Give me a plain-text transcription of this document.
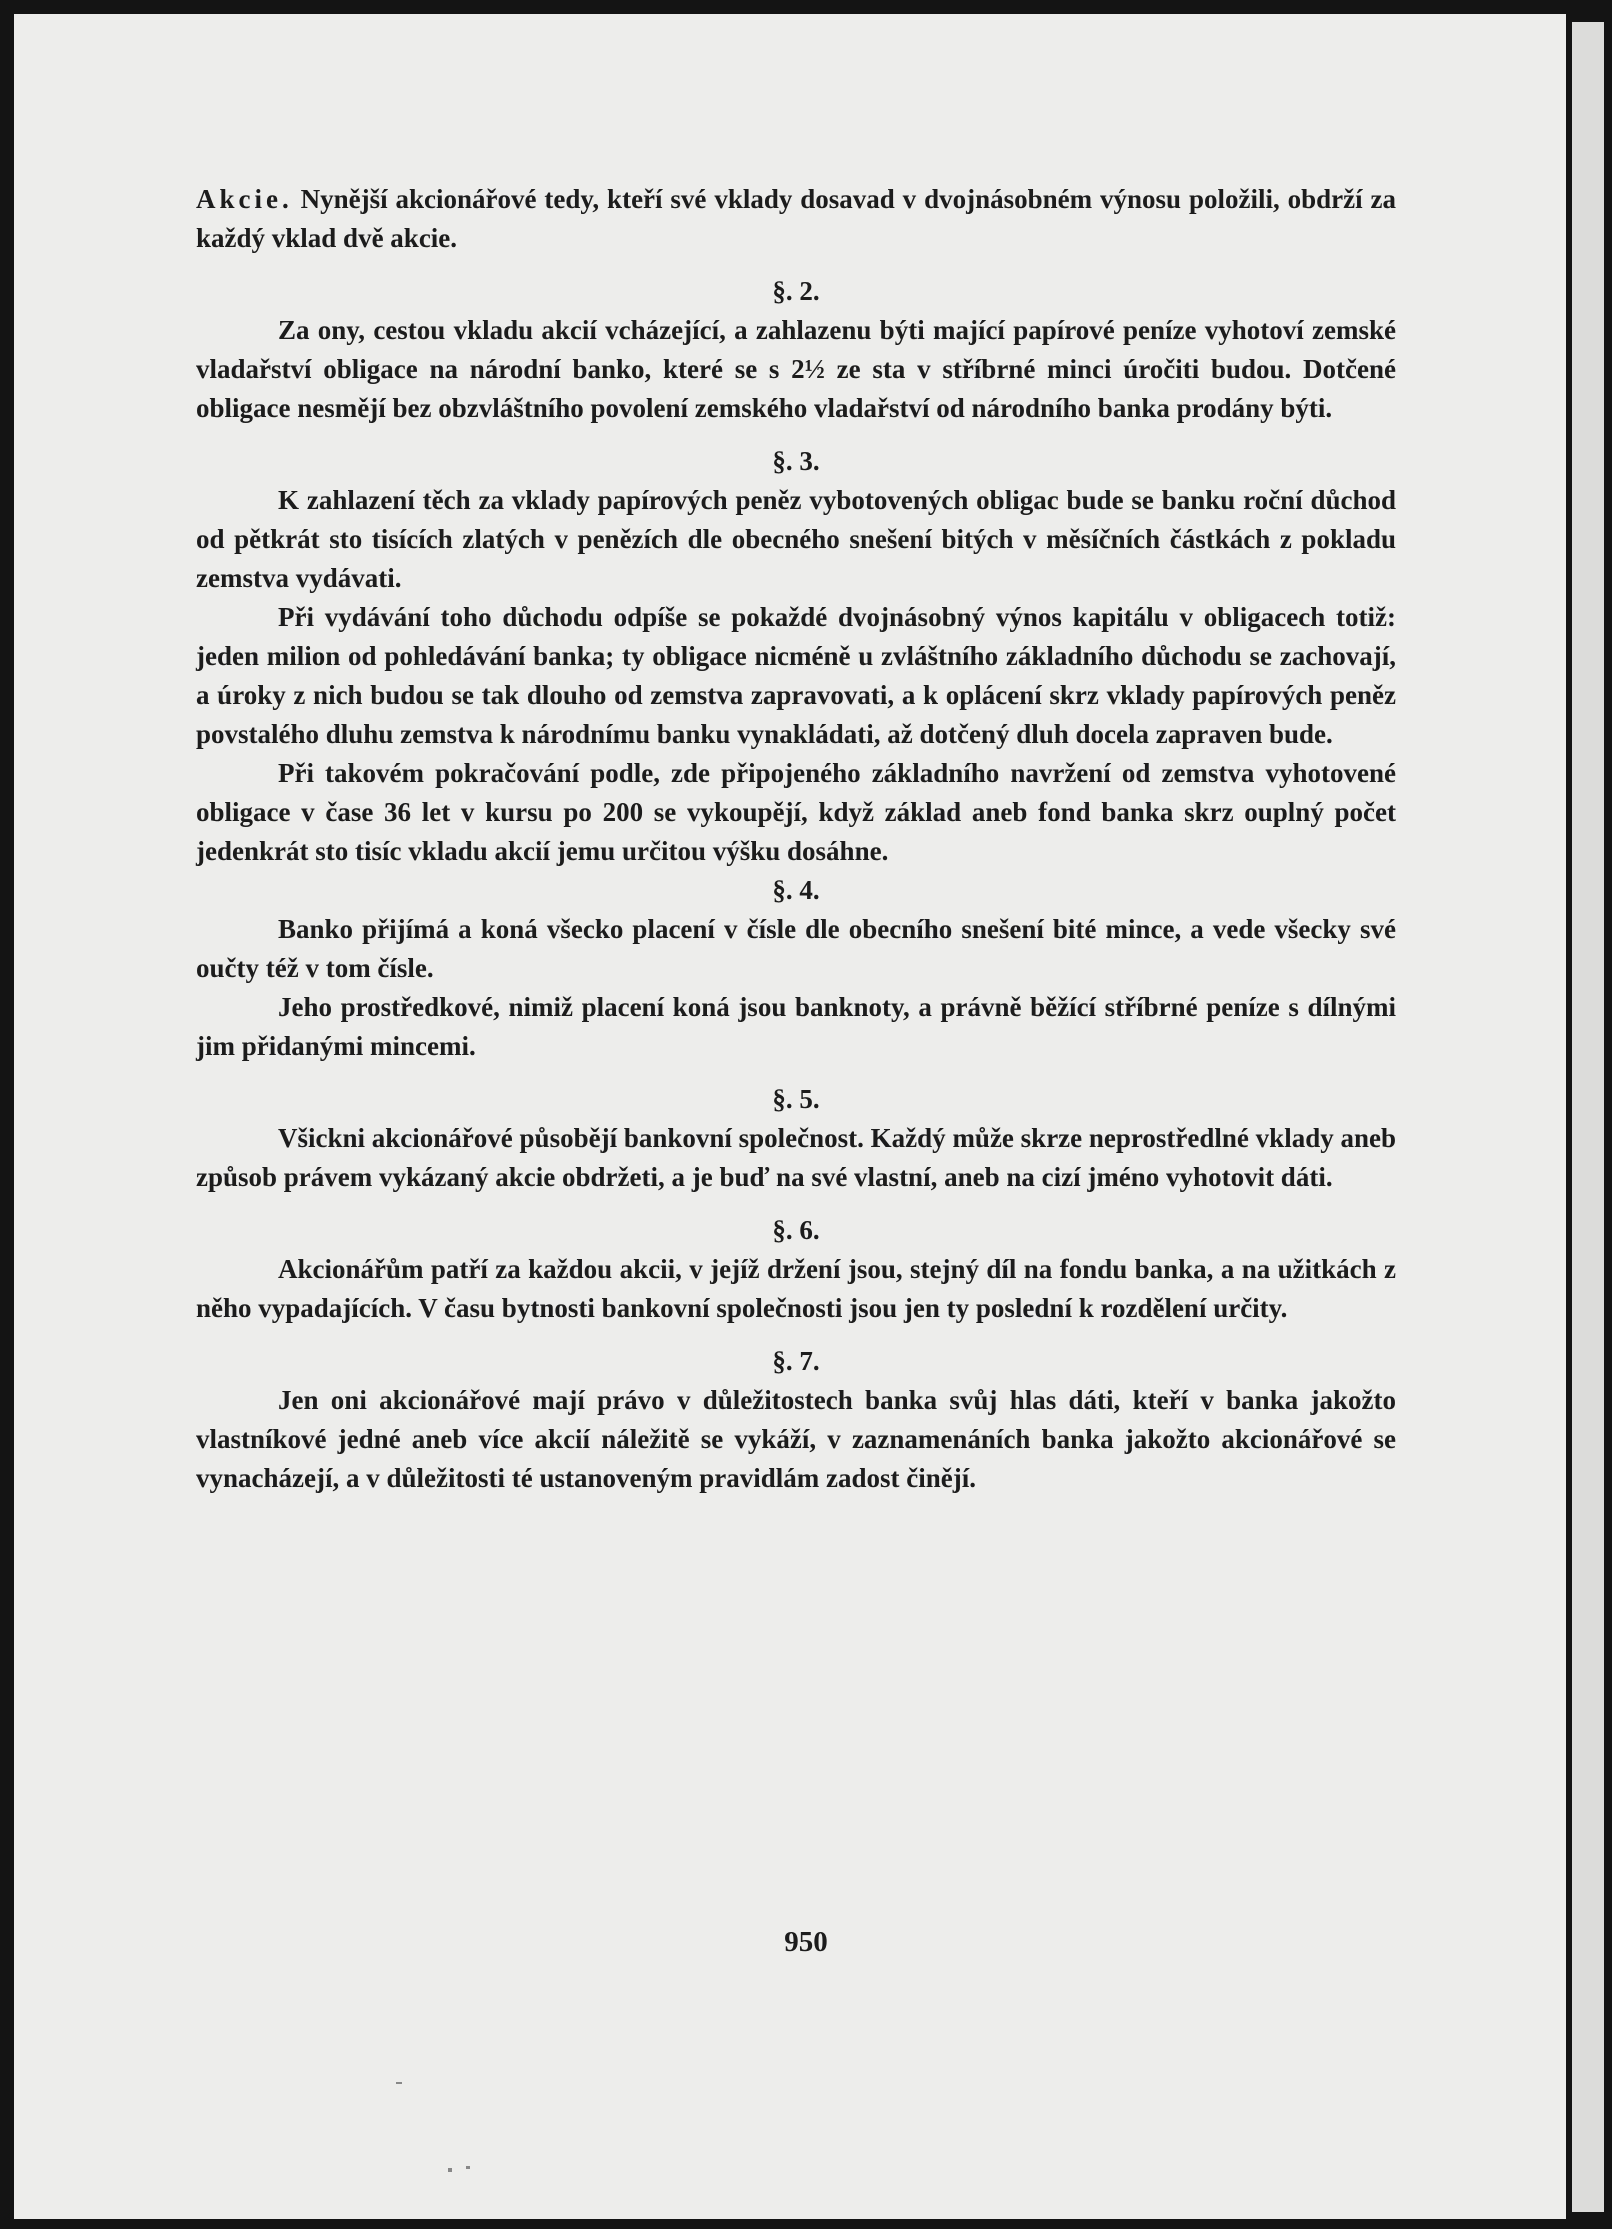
Akcie. Nynější akcionářové tedy, kteří své vklady dosavad v dvojnásobném výnosu položili, obdrží za každý vklad dvě akcie.

§. 2.

Za ony, cestou vkladu akcií vcházející, a zahlazenu býti mající papírové peníze vyhotoví zemské vladařství obligace na národní banko, které se s 2½ ze sta v stříbrné minci úročiti budou. Dotčené obligace nesmějí bez obzvláštního povolení zemského vladařství od národního banka prodány býti.

§. 3.

K zahlazení těch za vklady papírových peněz vybotovených obligac bude se banku roční důchod od pětkrát sto tisících zlatých v penězích dle obecného snešení bitých v měsíčních částkách z pokladu zemstva vydávati.

Při vydávání toho důchodu odpíše se pokaždé dvojnásobný výnos kapitálu v obligacech totiž: jeden milion od pohledávání banka; ty obligace nicméně u zvláštního základního důchodu se zachovají, a úroky z nich budou se tak dlouho od zemstva zapravovati, a k oplácení skrz vklady papírových peněz povstalého dluhu zemstva k národnímu banku vynakládati, až dotčený dluh docela zapraven bude.

Při takovém pokračování podle, zde připojeného základního navržení od zemstva vyhotovené obligace v čase 36 let v kursu po 200 se vykoupějí, když základ aneb fond banka skrz ouplný počet jedenkrát sto tisíc vkladu akcií jemu určitou výšku dosáhne.

§. 4.

Banko přijímá a koná všecko placení v čísle dle obecního snešení bité mince, a vede všecky své oučty též v tom čísle.

Jeho prostředkové, nimiž placení koná jsou banknoty, a právně běžící stříbrné peníze s dílnými jim přidanými mincemi.

§. 5.

Všickni akcionářové působějí bankovní společnost. Každý může skrze neprostředlné vklady aneb způsob právem vykázaný akcie obdržeti, a je buď na své vlastní, aneb na cizí jméno vyhotovit dáti.

§. 6.

Akcionářům patří za každou akcii, v jejíž držení jsou, stejný díl na fondu banka, a na užitkách z něho vypadajících. V času bytnosti bankovní společnosti jsou jen ty poslední k rozdělení určity.

§. 7.

Jen oni akcionářové mají právo v důležitostech banka svůj hlas dáti, kteří v banka jakožto vlastníkové jedné aneb více akcií náležitě se vykáží, v zaznamenáních banka jakožto akcionářové se vynacházejí, a v důležitosti té ustanoveným pravidlám zadost činějí.

950
